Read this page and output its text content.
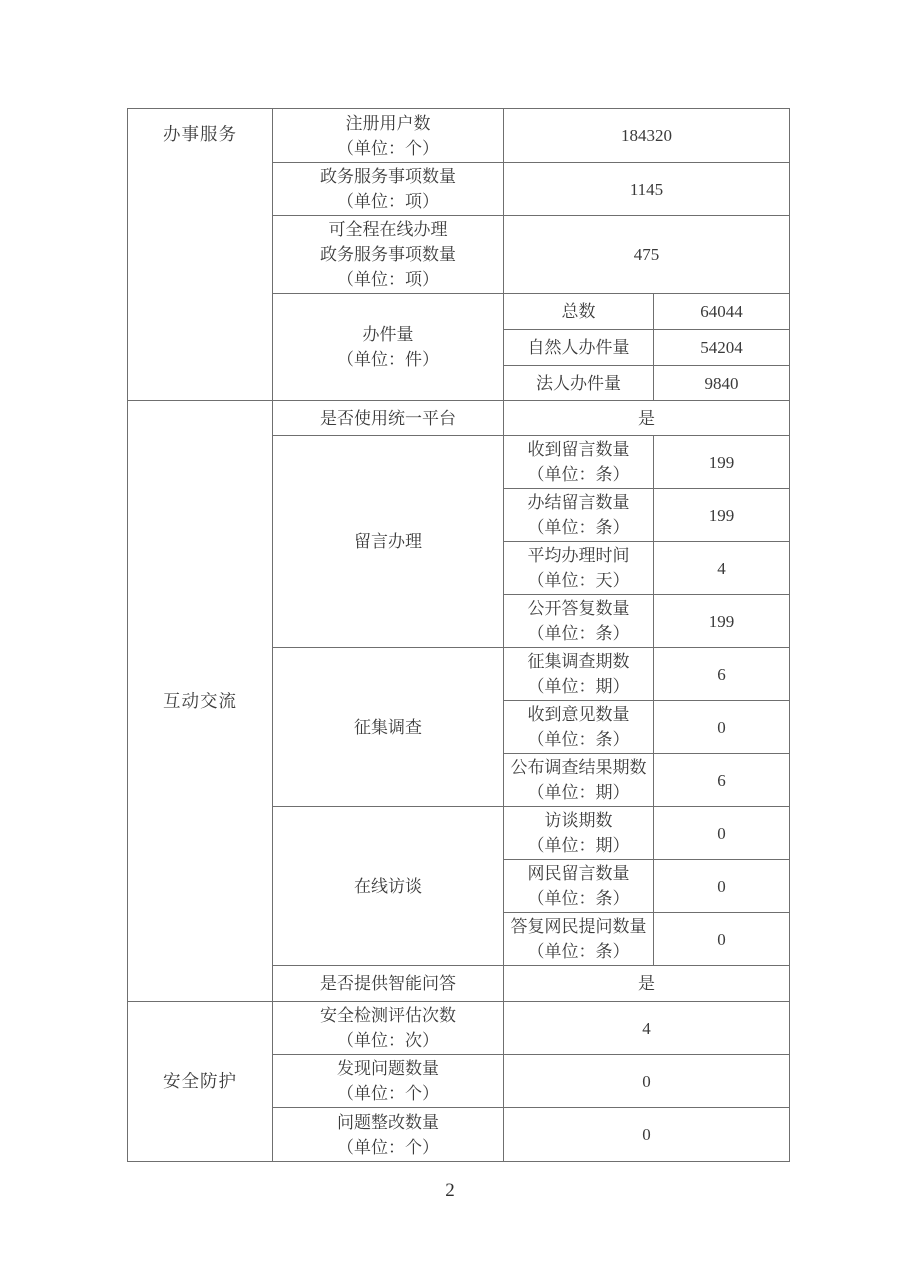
办事服务	注册用户数
（单位：个）	184320	

	政务服务事项数量
（单位：项）	1145	

	可全程在线办理
政务服务事项数量
（单位：项）	475	

	办件量
（单位：件）	总数	64044
		自然人办件量	54204
		法人办件量	9840

互动交流	是否使用统一平台	是	
	留言办理	收到留言数量
（单位：条）	199

		办结留言数量
（单位：条）	199

		平均办理时间
（单位：天）	4

		公开答复数量
（单位：条）	199
	征集调查	征集调查期数
（单位：期）	6

		收到意见数量
（单位：条）	0

		公布调查结果期数
（单位：期）	6
	在线访谈	访谈期数
（单位：期）	0

		网民留言数量
（单位：条）	0

		答复网民提问数量
（单位：条）	0
	是否提供智能问答	是	

安全防护	安全检测评估次数
（单位：次）	4	

	发现问题数量
（单位：个）	0	

	问题整改数量
（单位：个）	0	
2
